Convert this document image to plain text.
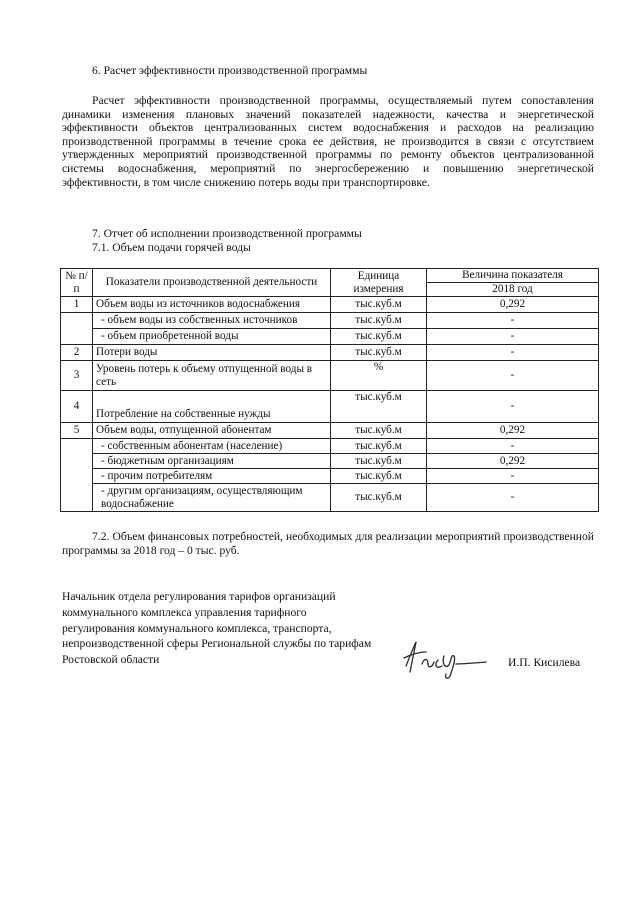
6. Расчет эффективности производственной программы
Расчет эффективности производственной программы, осуществляемый путем сопоставления динамики изменения плановых значений показателей надежности, качества и энергетической эффективности объектов централизованных систем водоснабжения и расходов на реализацию производственной программы в течение срока ее действия, не производится в связи с отсутствием утвержденных мероприятий производственной программы по ремонту объектов централизованной системы водоснабжения, мероприятий по энергосбережению и повышению энергетической эффективности, в том числе снижению потерь воды при транспортировке.
7. Отчет об исполнении производственной программы
7.1. Объем подачи горячей воды
№ п/п	Показатели производственной деятельности	Единица измерения	Величина показателя
			2018 год
1	Объем воды из источников водоснабжения	тыс.куб.м	0,292
	- объем воды из собственных источников	тыс.куб.м	-
	- объем приобретенной воды	тыс.куб.м	-
2	Потери воды	тыс.куб.м	-
3	Уровень потерь к объему отпущенной воды в сеть	%	-
4	Потребление на собственные нужды	тыс.куб.м	-
5	Объем воды, отпущенной абонентам	тыс.куб.м	0,292
	- собственным абонентам (население)	тыс.куб.м	-
	- бюджетным организациям	тыс.куб.м	0,292
	- прочим потребителям	тыс.куб.м	-
	- другим организациям, осуществляющим водоснабжение	тыс.куб.м	-
7.2. Объем финансовых потребностей, необходимых для реализации мероприятий производственной программы за 2018 год – 0 тыс. руб.
Начальник отдела регулирования тарифов организаций коммунального комплекса управления тарифного регулирования коммунального комплекса, транспорта, непроизводственной сферы Региональной службы по тарифам Ростовской области	И.П. Кисилева
